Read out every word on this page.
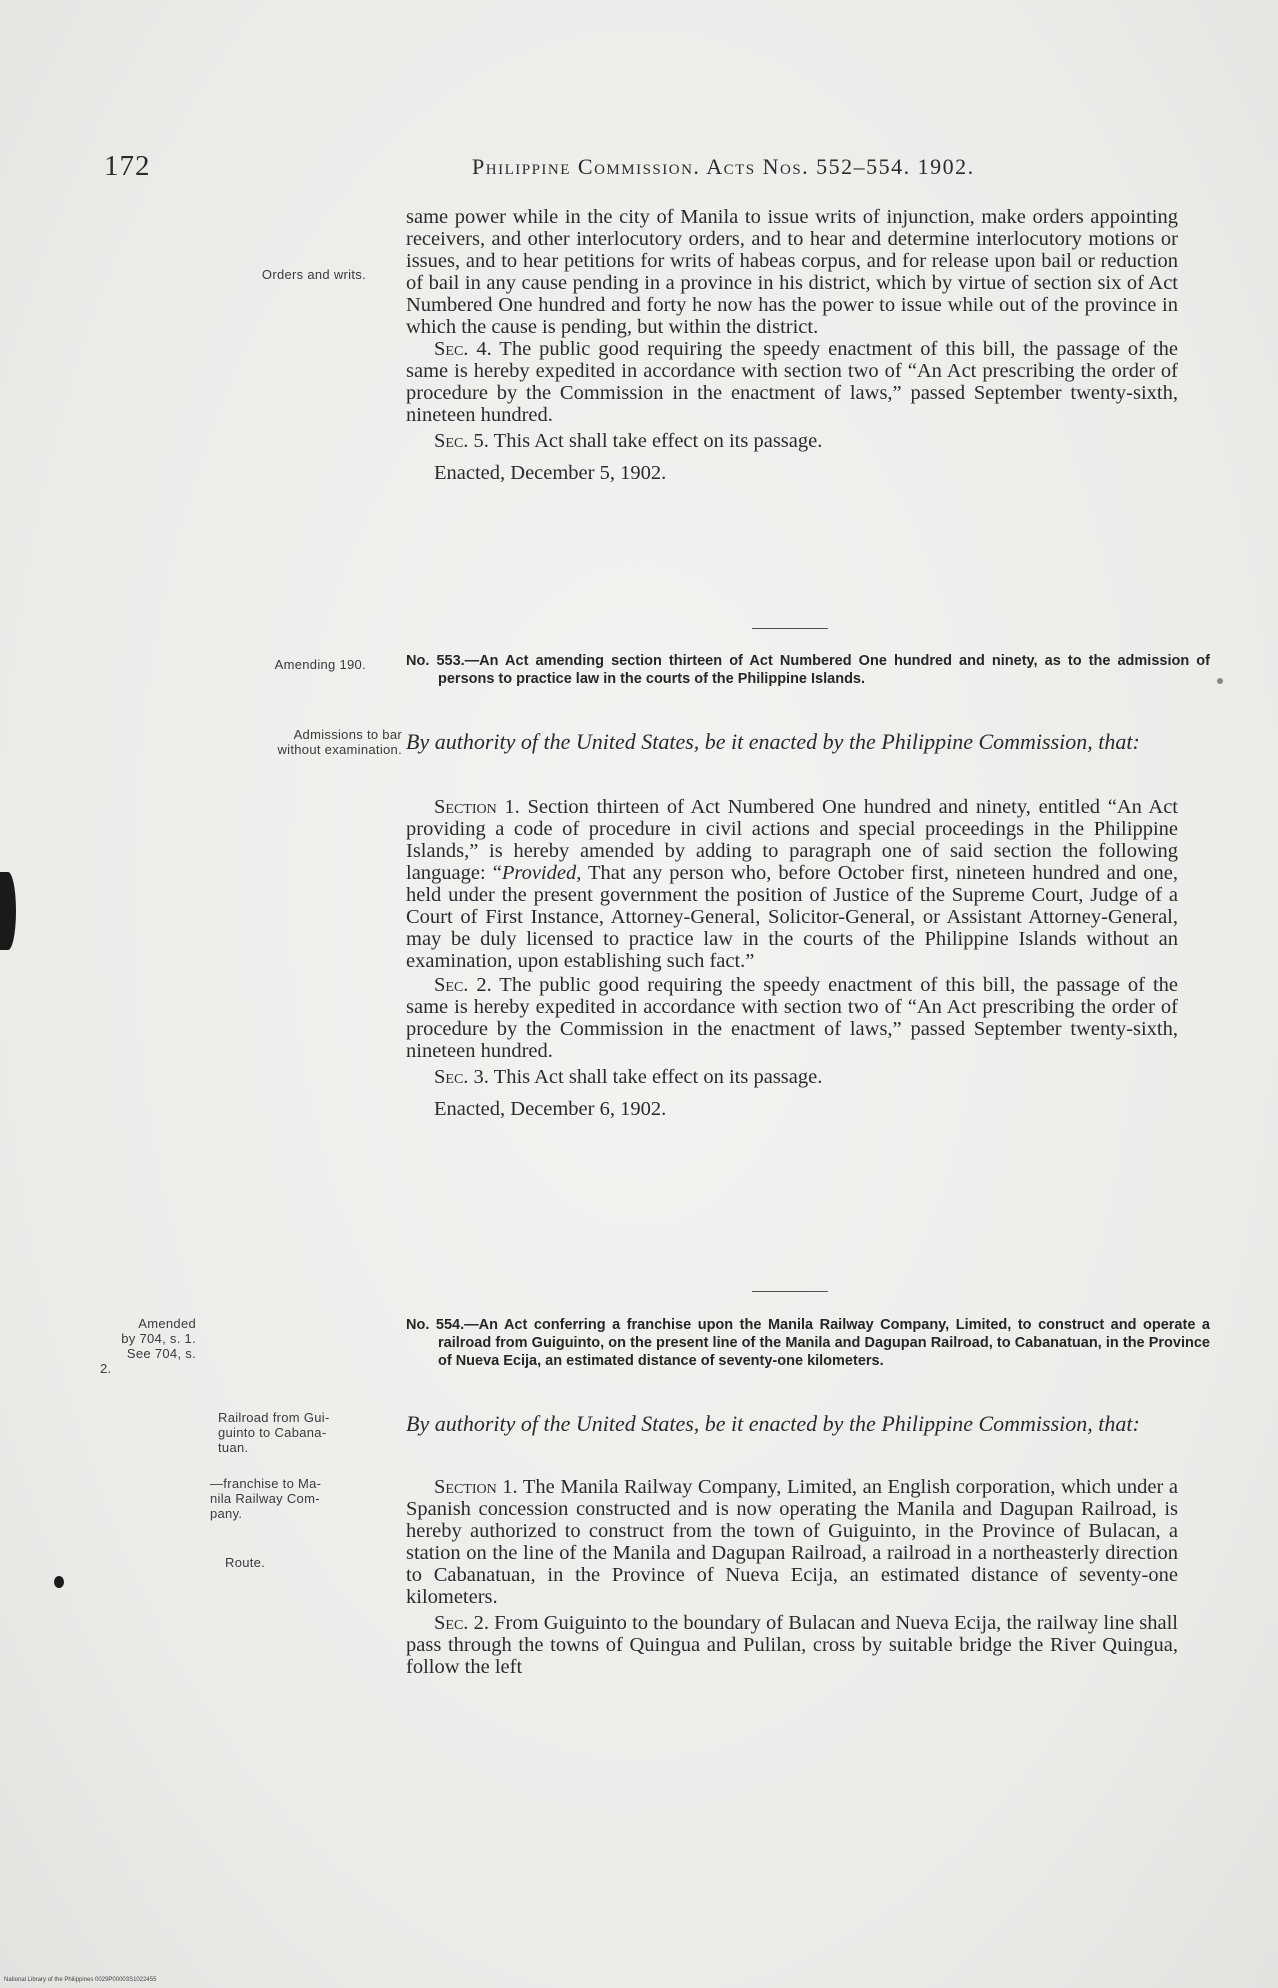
172	Philippine Commission. Acts Nos. 552–554. 1902.

same power while in the city of Manila to issue writs of injunction, make orders appointing receivers, and other interlocutory orders, and to hear and determine interlocutory motions or issues, and to hear petitions for writs of habeas corpus, and for release upon bail or reduction of bail in any cause pending in a province in his district, which by virtue of section six of Act Numbered One hundred and forty he now has the power to issue while out of the province in which the cause is pending, but within the district.

Sec. 4. The public good requiring the speedy enactment of this bill, the passage of the same is hereby expedited in accordance with section two of “An Act prescribing the order of procedure by the Commission in the enactment of laws,” passed September twenty-sixth, nineteen hundred.

Sec. 5. This Act shall take effect on its passage.

Enacted, December 5, 1902.

Orders and writs.
Amending 190.	No. 553.—An Act amending section thirteen of Act Numbered One hundred and ninety, as to the admission of persons to practice law in the courts of the Philippine Islands.
Admissions to bar
without examination. By authority of the United States, be it enacted by the Philippine Commission, that:

Section 1. Section thirteen of Act Numbered One hundred and ninety, entitled “An Act providing a code of procedure in civil actions and special proceedings in the Philippine Islands,” is hereby amended by adding to paragraph one of said section the following language: “Provided, That any person who, before October first, nineteen hundred and one, held under the present government the position of Justice of the Supreme Court, Judge of a Court of First Instance, Attorney-General, Solicitor-General, or Assistant Attorney-General, may be duly licensed to practice law in the courts of the Philippine Islands without an examination, upon establishing such fact.”

Sec. 2. The public good requiring the speedy enactment of this bill, the passage of the same is hereby expedited in accordance with section two of “An Act prescribing the order of procedure by the Commission in the enactment of laws,” passed September twenty-sixth, nineteen hundred.

Sec. 3. This Act shall take effect on its passage.

Enacted, December 6, 1902.

Amended
by 704, s. 1.
See 704, s.
2.
No. 554.—An Act conferring a franchise upon the Manila Railway Company, Limited, to construct and operate a railroad from Guiguinto, on the present line of the Manila and Dagupan Railroad, to Cabanatuan, in the Province of Nueva Ecija, an estimated distance of seventy-one kilometers.
Railroad from Gui-
guinto to Cabana-
tuan.
By authority of the United States, be it enacted by the Philippine Commission, that:
—franchise to Ma-
nila Railway Com-
pany.
Route.

Section 1. The Manila Railway Company, Limited, an English corporation, which under a Spanish concession constructed and is now operating the Manila and Dagupan Railroad, is hereby authorized to construct from the town of Guiguinto, in the Province of Bulacan, a station on the line of the Manila and Dagupan Railroad, a railroad in a northeasterly direction to Cabanatuan, in the Province of Nueva Ecija, an estimated distance of seventy-one kilometers.

Sec. 2. From Guiguinto to the boundary of Bulacan and Nueva Ecija, the railway line shall pass through the towns of Quingua and Pulilan, cross by suitable bridge the River Quingua, follow the left

National Library of the Philippines 0029P00003S1022455
